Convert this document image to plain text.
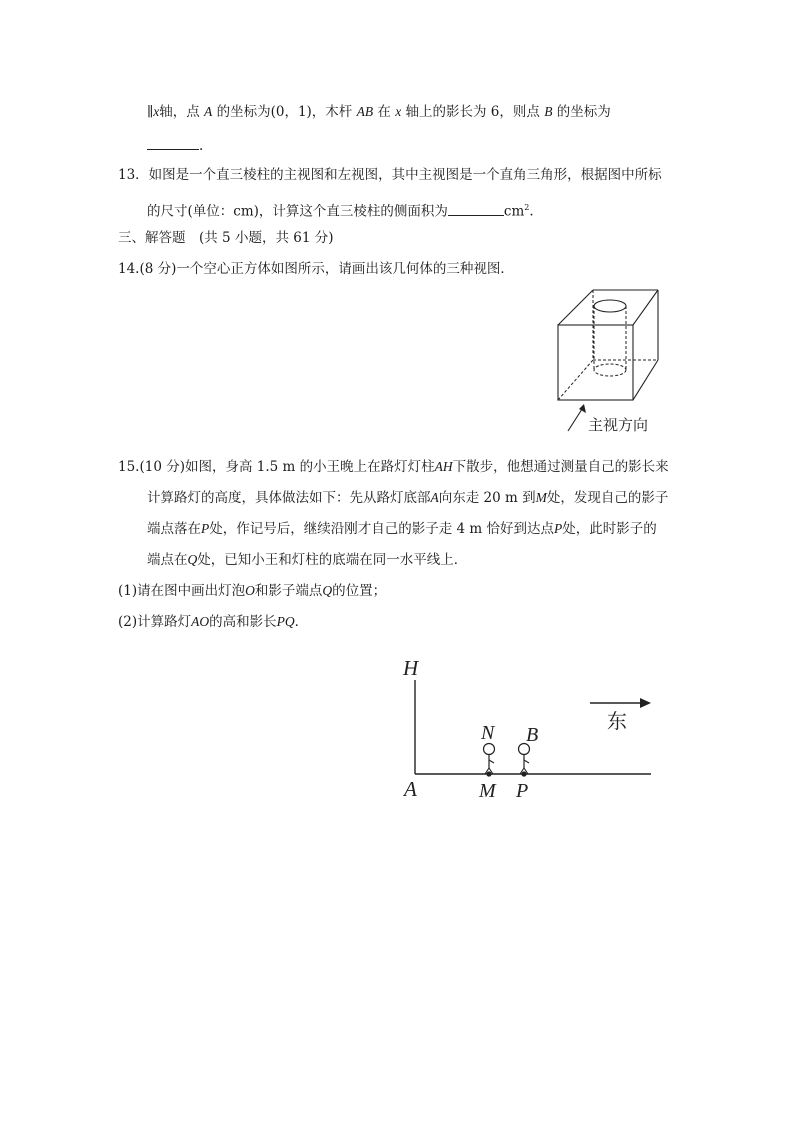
∥x轴，点 A 的坐标为(0，1)，木杆 AB 在 x 轴上的影长为 6，则点 B 的坐标为
.
13．如图是一个直三棱柱的主视图和左视图，其中主视图是一个直角三角形，根据图中所标
的尺寸(单位：cm)，计算这个直三棱柱的侧面积为	$cm^2$.
三、解答题　(共 5 小题，共 61 分)
14.(8 分)一个空心正方体如图所示，请画出该几何体的三种视图．
主视方向
15.(10 分)如图，身高 1.5 m 的小王晚上在路灯灯柱AH下散步，他想通过测量自己的影长来
计算路灯的高度，具体做法如下：先从路灯底部A向东走 20 m 到M处，发现自己的影子
端点落在P处，作记号后，继续沿刚才自己的影子走 4 m 恰好到达点P处，此时影子的
端点在Q处，已知小王和灯柱的底端在同一水平线上．
(1)请在图中画出灯泡O和影子端点Q的位置；
(2)计算路灯AO的高和影长PQ．
H
A
N
M
B
P
东
